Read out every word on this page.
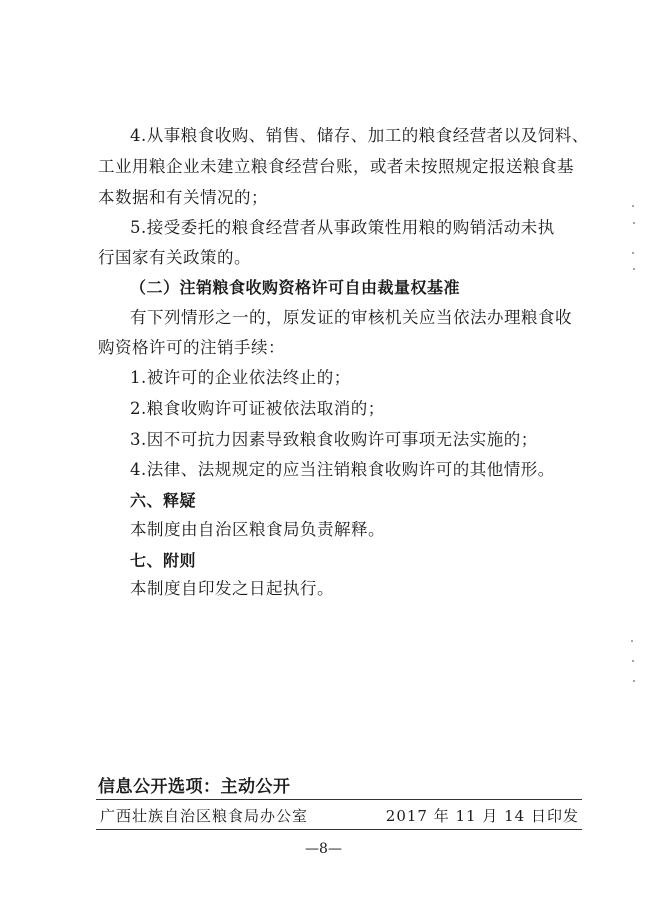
4.从事粮食收购、销售、储存、加工的粮食经营者以及饲料、

工业用粮企业未建立粮食经营台账，或者未按照规定报送粮食基

本数据和有关情况的；

5.接受委托的粮食经营者从事政策性用粮的购销活动未执

行国家有关政策的。

（二）注销粮食收购资格许可自由裁量权基准

有下列情形之一的，原发证的审核机关应当依法办理粮食收

购资格许可的注销手续：

1.被许可的企业依法终止的；

2.粮食收购许可证被依法取消的；

3.因不可抗力因素导致粮食收购许可事项无法实施的；

4.法律、法规规定的应当注销粮食收购许可的其他情形。

六、释疑

本制度由自治区粮食局负责解释。

七、附则

本制度自印发之日起执行。

信息公开选项：主动公开
广西壮族自治区粮食局办公室	2017 年 11 月 14 日印发
—8—
